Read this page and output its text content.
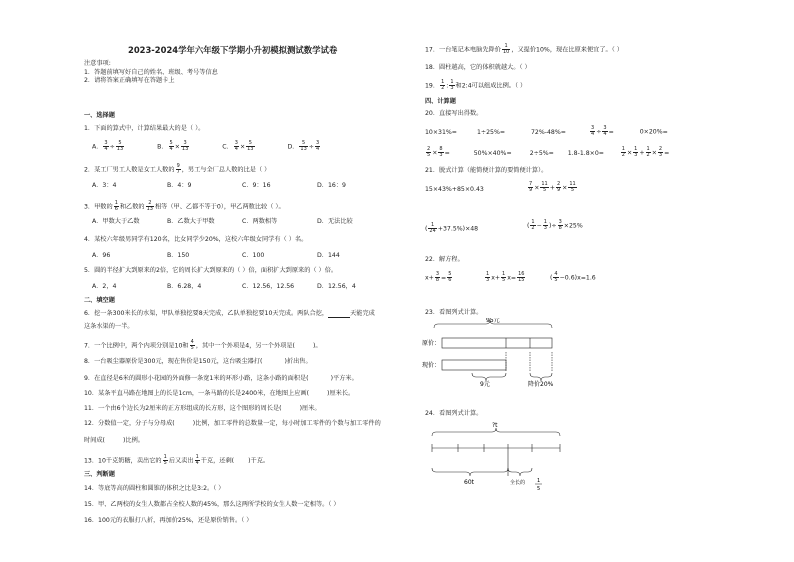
2023-2024学年六年级下学期小升初模拟测试数学试卷
注意事项:
1．答题前填写好自己的姓名、班级、考号等信息
2．请将答案正确填写在答题卡上
一、选择题
1．下面的算式中，计算结果最大的是（ ）。
A． $\frac{3}{4} \div \frac{5}{13}$	B． $\frac{5}{4} \times \frac{3}{13}$	C． $\frac{3}{4} \times \frac{5}{13}$	D． $\frac{5}{13} \div \frac{3}{4}$
2．某工厂男工人数是女工人数的 $\frac{9}{7}$ ，男工与全厂总人数的比是（ ）
A．3：4	B．4：9	C．9：16	D．16：9
3．甲数的 $\frac{1}{6}$ 和乙数的 $\frac{2}{13}$ 相等（甲、乙都不等于0），甲乙两数比较（ ）。
A．甲数大于乙数	B．乙数大于甲数	C．两数相等	D．无法比较
4．某校六年级男同学有120名，比女同学少20%，这校六年级女同学有（ ）名。
A．96	B．150	C．100	D．144
5．圆的半径扩大到原来的2倍，它的周长扩大到原来的（ ）倍，面积扩大到原来的（ ）倍。
A．2，4	B．6.28，4	C．12.56，12.56	D．12.56，4
二、填空题
6．挖一条300米长的水渠，甲队单独挖要8天完成，乙队单独挖要10天完成。两队合挖，	天能完成
这条水渠的一半。
7．一个比例中，两个内项分别是10和 $\frac{4}{5}$ ，其中一个外项是4，另一个外项是(	)。
8．一台吸尘器原价是300元，现在售价是150元，这台吸尘器打(	)折出售。
9．在直径是6米的圆形小花园的外面修一条宽1米的环形小路，这条小路的面积是(	)平方米。
10．某条平直马路在地图上的长是1cm，一条马路的长是2400米，在地图上应画(	)厘米长。
11．一个由6个边长为2厘米的正方形组成的长方形，这个图形的周长是(	)厘米。
12．分数值一定，分子与分母成(	)比例，加工零件的总数量一定，每小时加工零件的个数与加工零件的
时间成(	)比例。
13．10千克奶糖，卖出它的 $\frac{1}{5}$ 后又卖出 $\frac{1}{4}$ 千克，还剩( )千克。
三、判断题
14．等底等高的圆柱和圆锥的体积之比是3:2。（ ）
15．甲、乙两校的女生人数都占全校人数的45%，那么这两所学校的女生人数一定相等。（ ）
16．100元的衣服打八折，再加价25%，还是原价销售。（ ）
17．一台笔记本电脑先降价 $\frac{1}{10}$ ，又提价10%，现在比原来便宜了。（ ）
18．圆柱越高，它的体积就越大。（ ）
19． $\frac{1}{2}$ : $\frac{1}{3}$ 和2:4可以组成比例。（ ）
四、计算题
20．直接写出得数。
10×31%=	1÷25%=	72%-48%=	$\frac{3}{4} \div \frac{3}{4}$ =	0×20%=
$\frac{2}{5} \times \frac{8}{3}$ =	50%×40%=	2÷5%= 1.8-1.8×0=	$\frac{1}{2} \times \frac{1}{3} + \frac{1}{2} \times \frac{2}{3}$ =
21．脱式计算（能简便计算的要简便计算）。
15×43%+85×0.43	$\frac{7}{9} \times \frac{11}{5} + \frac{2}{9} \times \frac{11}{5}$
( $\frac{1}{24} +37.5\%)\times 48$	( $\frac{1}{2} - \frac{1}{3}$ )÷ $\frac{3}{8} \times 25\%$
22．解方程。
$x+ \frac{3}{8} = \frac{5}{6}$	$\frac{1}{3} x+ \frac{1}{5} x= \frac{16}{15}$	( $\frac{4}{5} -0.6)x=1.6$
23．看图列式计算。
95元
原价：
现价：
9元	降价20%
24．看图列式计算。
?t
60t	全长的 1
5
